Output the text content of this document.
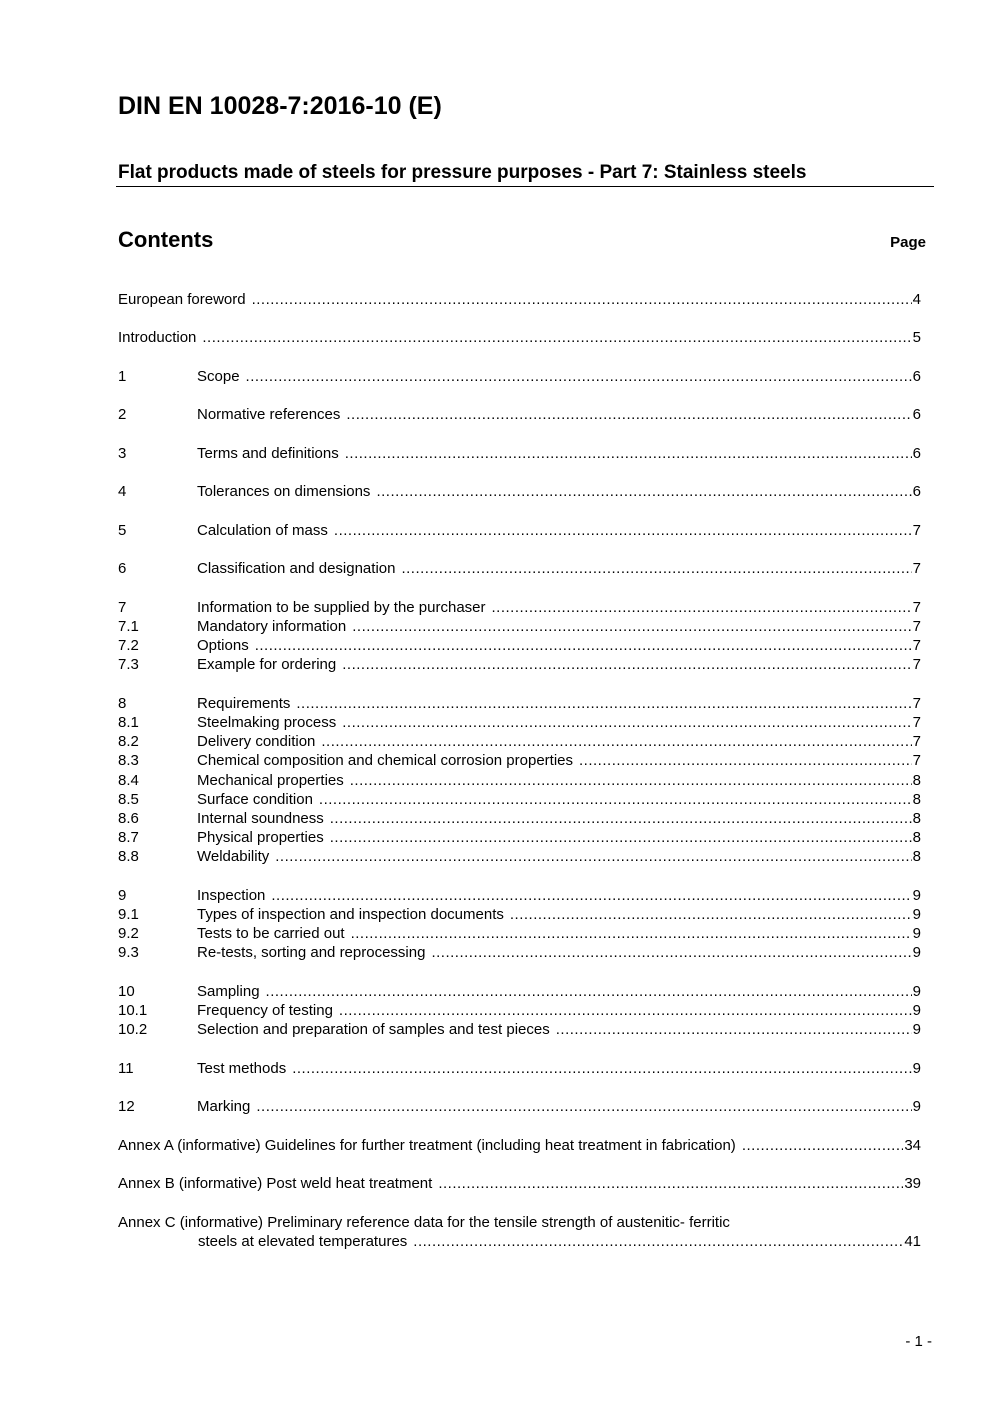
DIN EN 10028-7:2016-10 (E)
Flat products made of steels for pressure purposes - Part 7: Stainless steels
Contents	Page
European foreword .....	4
Introduction .....	5
1	Scope .....	6
2	Normative references .....	6
3	Terms and definitions .....	6
4	Tolerances on dimensions .....	6
5	Calculation of mass .....	7
6	Classification and designation .....	7
7	Information to be supplied by the purchaser .....	7
7.1	Mandatory information .....	7
7.2	Options .....	7
7.3	Example for ordering .....	7
8	Requirements .....	7
8.1	Steelmaking process .....	7
8.2	Delivery condition .....	7
8.3	Chemical composition and chemical corrosion properties .....	7
8.4	Mechanical properties .....	8
8.5	Surface condition .....	8
8.6	Internal soundness .....	8
8.7	Physical properties .....	8
8.8	Weldability .....	8
9	Inspection .....	9
9.1	Types of inspection and inspection documents .....	9
9.2	Tests to be carried out .....	9
9.3	Re-tests, sorting and reprocessing .....	9
10	Sampling .....	9
10.1	Frequency of testing .....	9
10.2	Selection and preparation of samples and test pieces .....	9
11	Test methods .....	9
12	Marking .....	9
Annex A (informative) Guidelines for further treatment (including heat treatment in fabrication) .....	34
Annex B (informative) Post weld heat treatment .....	39
Annex C (informative) Preliminary reference data for the tensile strength of austenitic- ferritic
steels at elevated temperatures .....	41
- 1 -
